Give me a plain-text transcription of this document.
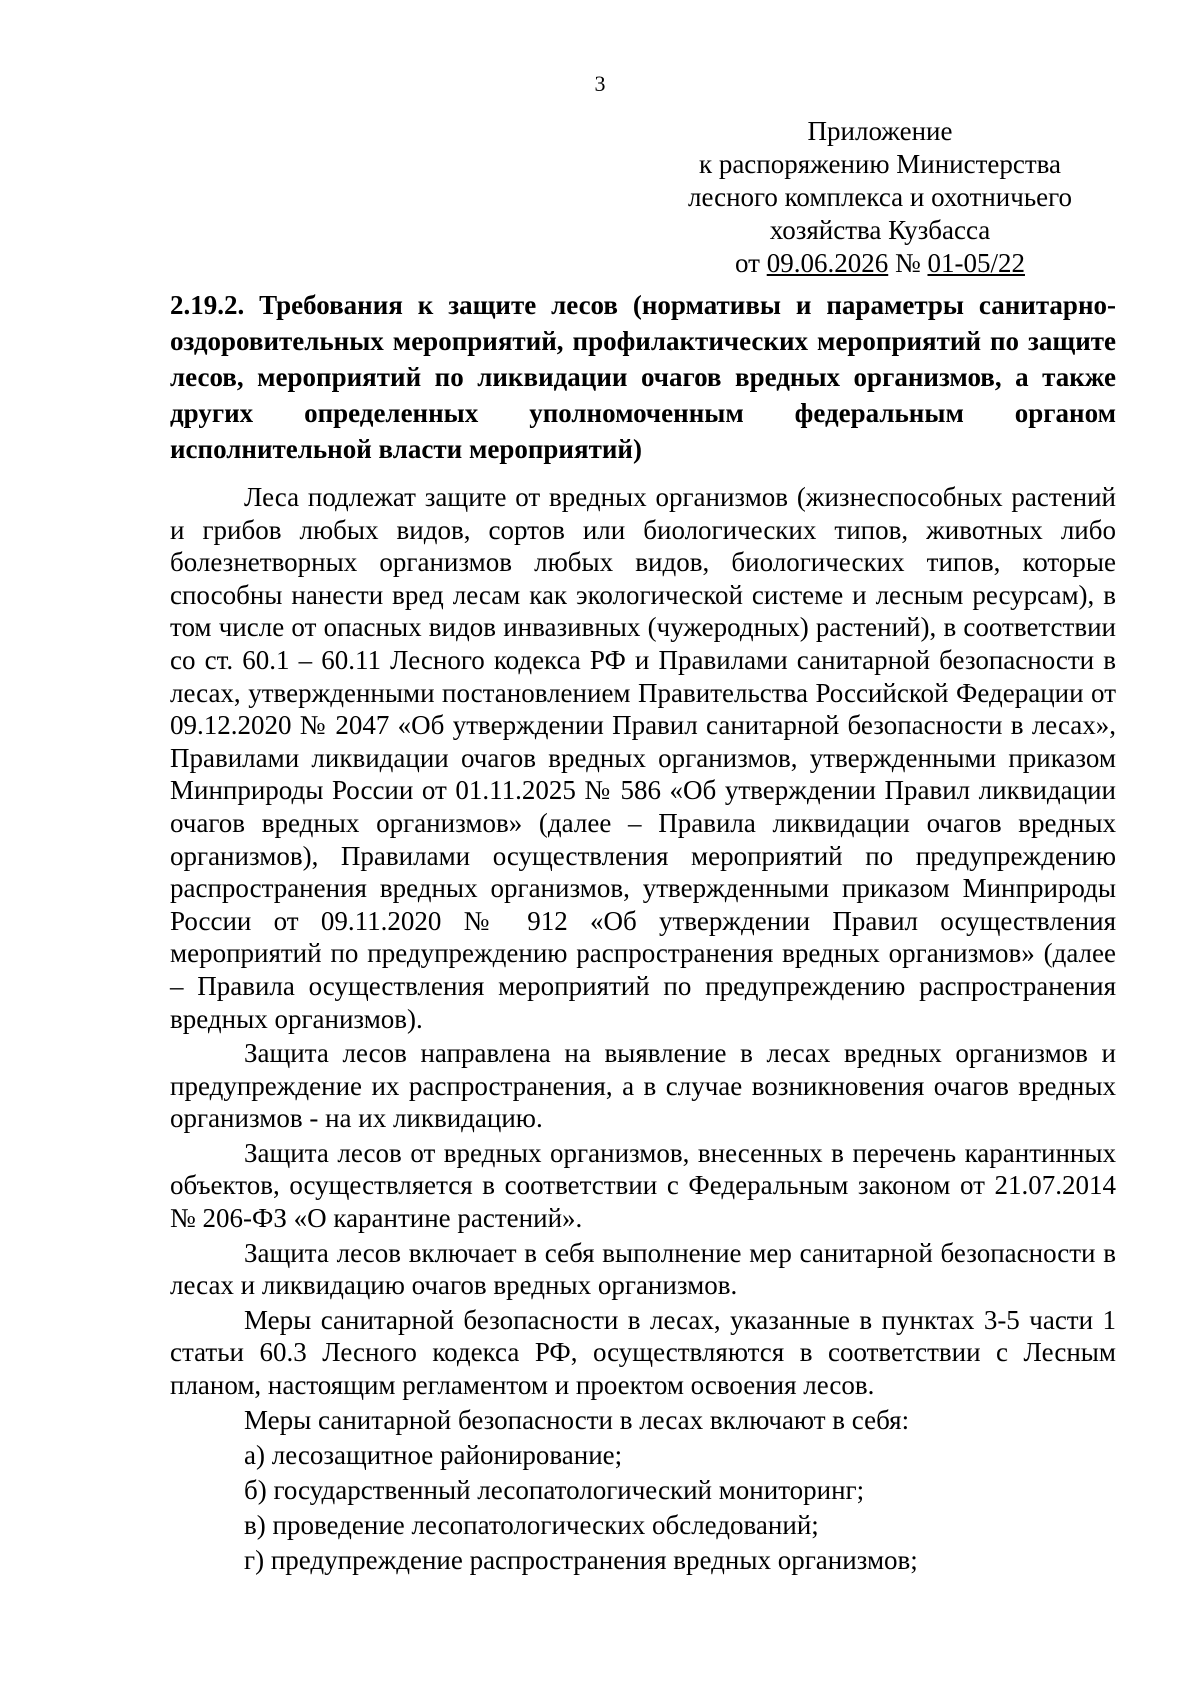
3
Приложение
к распоряжению Министерства
лесного комплекса и охотничьего
хозяйства Кузбасса
от 09.06.2026 № 01-05/22
2.19.2. Требования к защите лесов (нормативы и параметры санитарно-оздоровительных мероприятий, профилактических мероприятий по защите лесов, мероприятий по ликвидации очагов вредных организмов, а также других определенных уполномоченным федеральным органом исполнительной власти мероприятий)

Леса подлежат защите от вредных организмов (жизнеспособных растений и грибов любых видов, сортов или биологических типов, животных либо болезнетворных организмов любых видов, биологических типов, которые способны нанести вред лесам как экологической системе и лесным ресурсам), в том числе от опасных видов инвазивных (чужеродных) растений), в соответствии со ст. 60.1 – 60.11 Лесного кодекса РФ и Правилами санитарной безопасности в лесах, утвержденными постановлением Правительства Российской Федерации от 09.12.2020 № 2047 «Об утверждении Правил санитарной безопасности в лесах», Правилами ликвидации очагов вредных организмов, утвержденными приказом Минприроды России от 01.11.2025 № 586 «Об утверждении Правил ликвидации очагов вредных организмов» (далее – Правила ликвидации очагов вредных организмов), Правилами осуществления мероприятий по предупреждению распространения вредных организмов, утвержденными приказом Минприроды России от 09.11.2020 № 912 «Об утверждении Правил осуществления мероприятий по предупреждению распространения вредных организмов» (далее – Правила осуществления мероприятий по предупреждению распространения вредных организмов).

Защита лесов направлена на выявление в лесах вредных организмов и предупреждение их распространения, а в случае возникновения очагов вредных организмов - на их ликвидацию.

Защита лесов от вредных организмов, внесенных в перечень карантинных объектов, осуществляется в соответствии с Федеральным законом от 21.07.2014 № 206-ФЗ «О карантине растений».

Защита лесов включает в себя выполнение мер санитарной безопасности в лесах и ликвидацию очагов вредных организмов.

Меры санитарной безопасности в лесах, указанные в пунктах 3-5 части 1 статьи 60.3 Лесного кодекса РФ, осуществляются в соответствии с Лесным планом, настоящим регламентом и проектом освоения лесов.

Меры санитарной безопасности в лесах включают в себя:

а) лесозащитное районирование;
б) государственный лесопатологический мониторинг;
в) проведение лесопатологических обследований;
г) предупреждение распространения вредных организмов;
